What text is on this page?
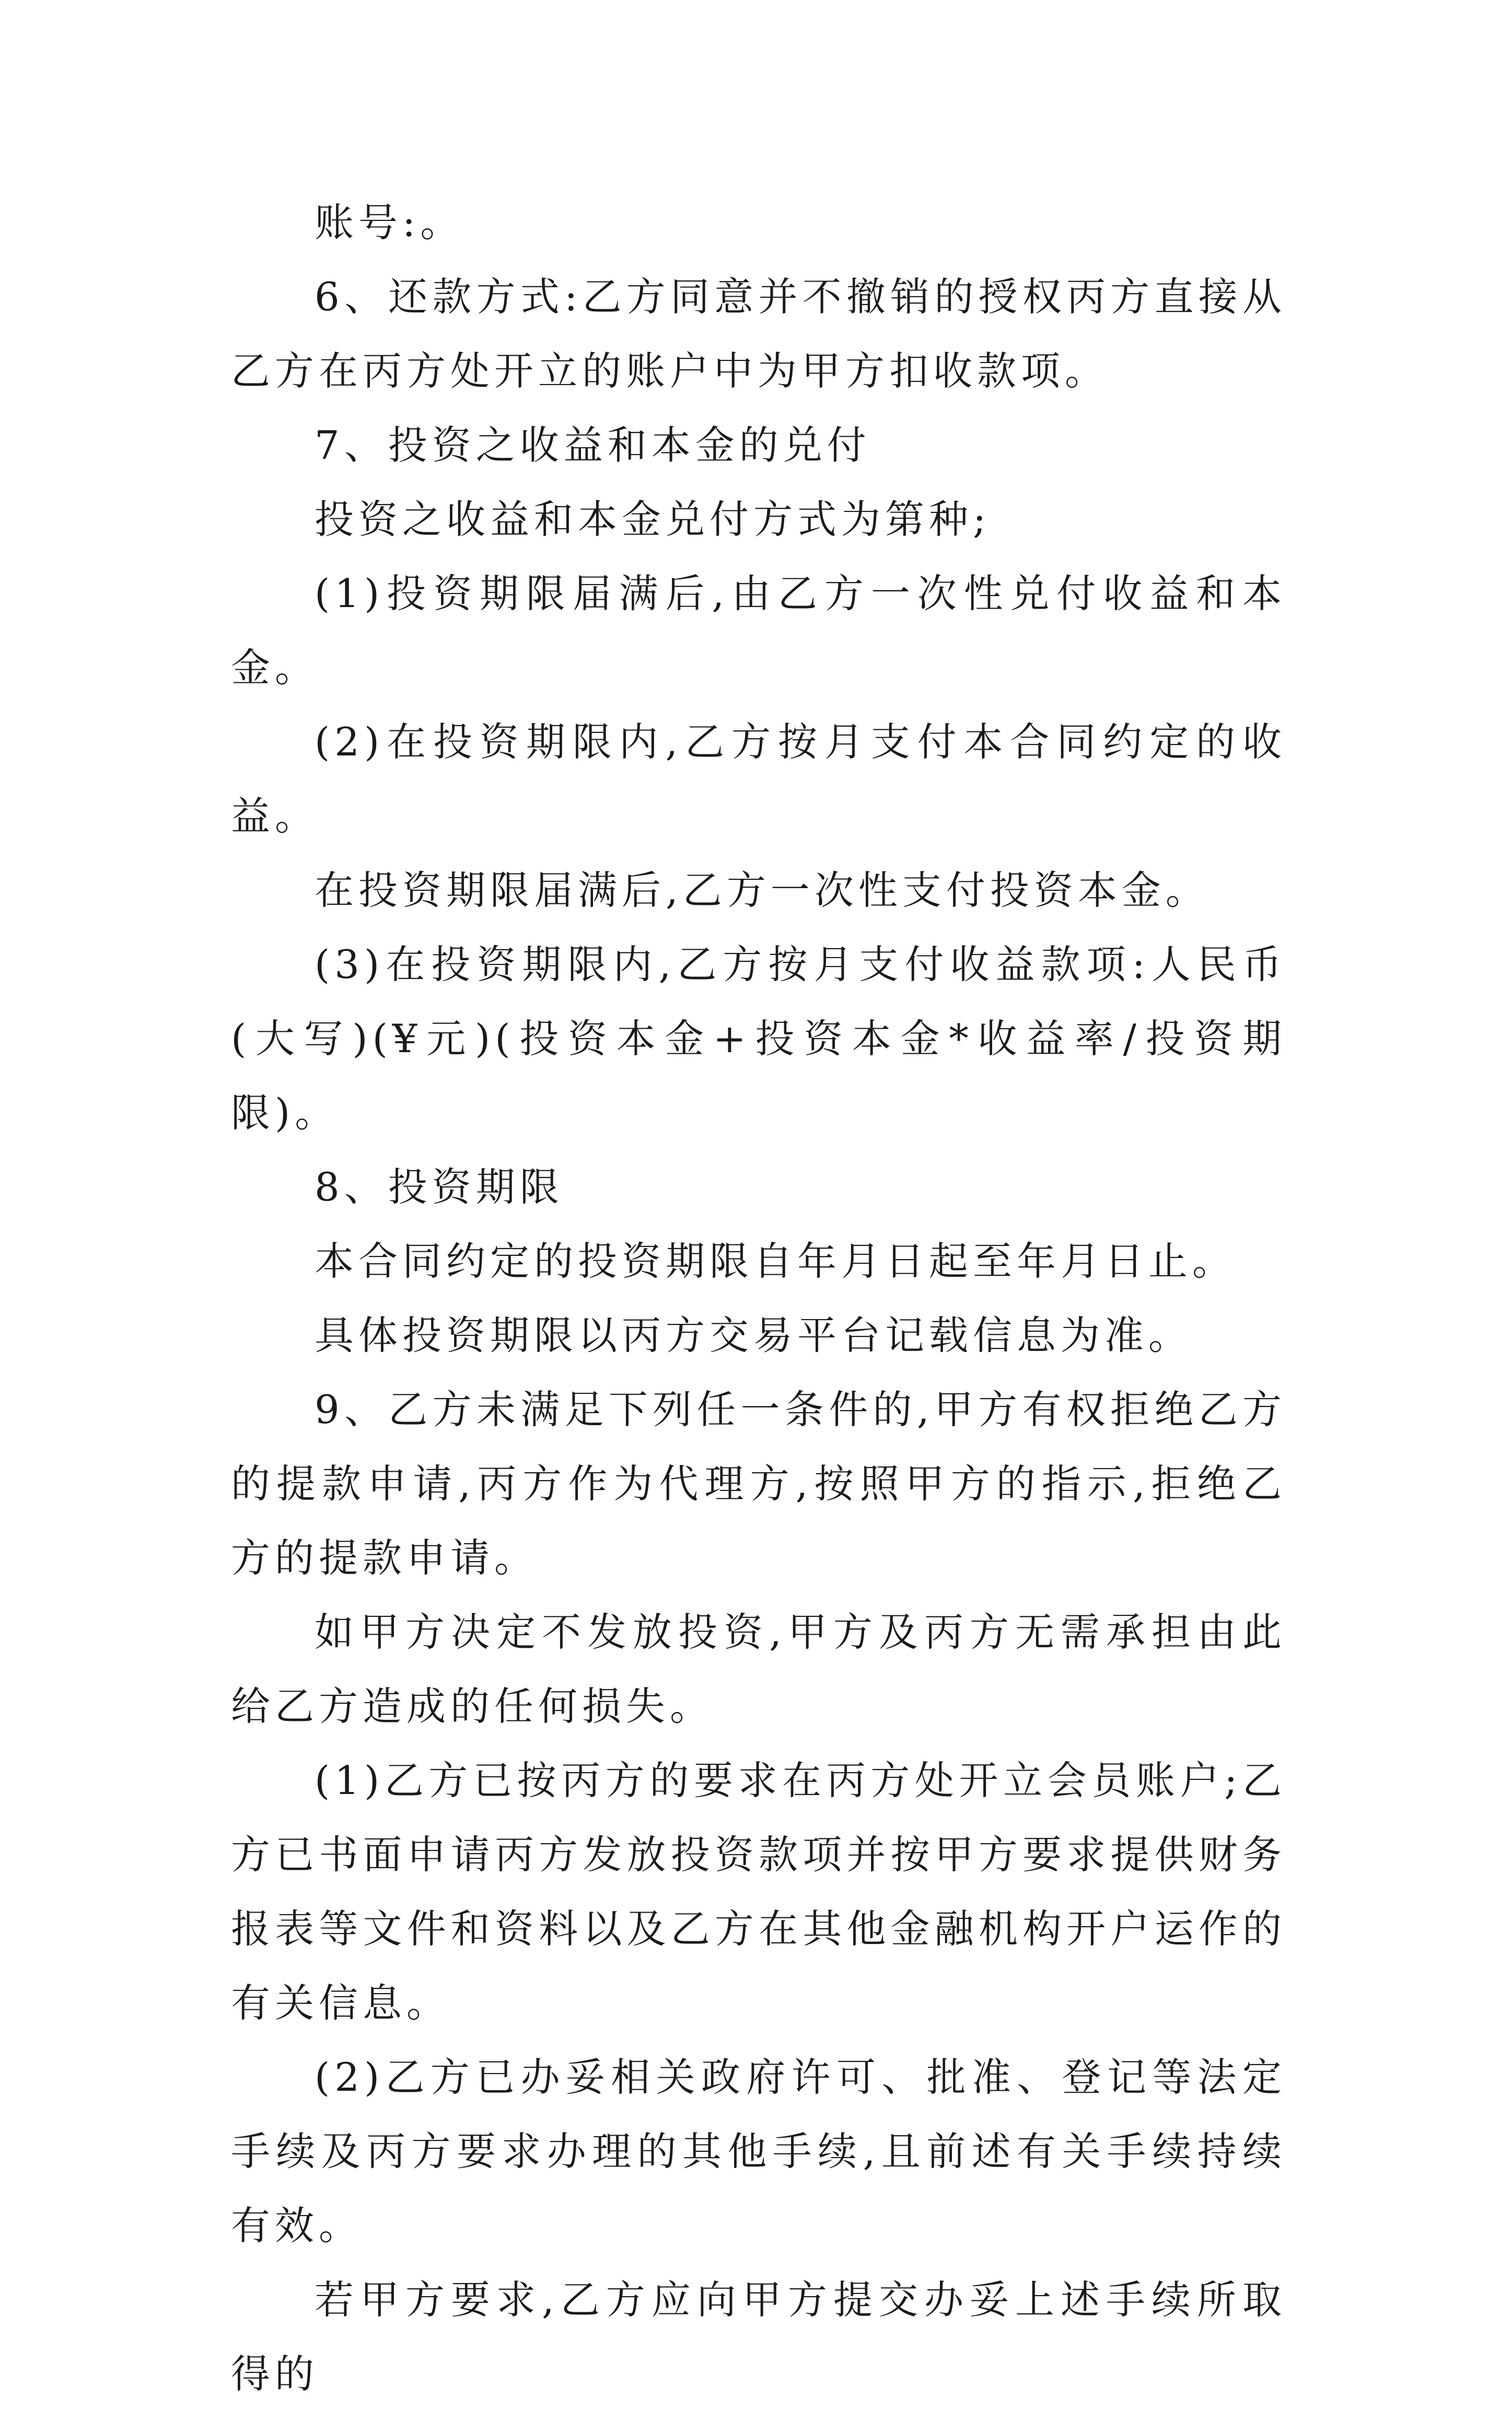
账号:。

6、还款方式:乙方同意并不撤销的授权丙方直接从乙方在丙方处开立的账户中为甲方扣收款项。

7、投资之收益和本金的兑付

投资之收益和本金兑付方式为第种;

(1)投资期限届满后,由乙方一次性兑付收益和本金。

(2)在投资期限内,乙方按月支付本合同约定的收益。

在投资期限届满后,乙方一次性支付投资本金。

(3)在投资期限内,乙方按月支付收益款项:人民币(大写)(¥元)(投资本金+投资本金*收益率/投资期限)。

8、投资期限

本合同约定的投资期限自年月日起至年月日止。

具体投资期限以丙方交易平台记载信息为准。

9、乙方未满足下列任一条件的,甲方有权拒绝乙方的提款申请,丙方作为代理方,按照甲方的指示,拒绝乙方的提款申请。

如甲方决定不发放投资,甲方及丙方无需承担由此给乙方造成的任何损失。

(1)乙方已按丙方的要求在丙方处开立会员账户;乙方已书面申请丙方发放投资款项并按甲方要求提供财务报表等文件和资料以及乙方在其他金融机构开户运作的有关信息。

(2)乙方已办妥相关政府许可、批准、登记等法定手续及丙方要求办理的其他手续,且前述有关手续持续有效。

若甲方要求,乙方应向甲方提交办妥上述手续所取得的
